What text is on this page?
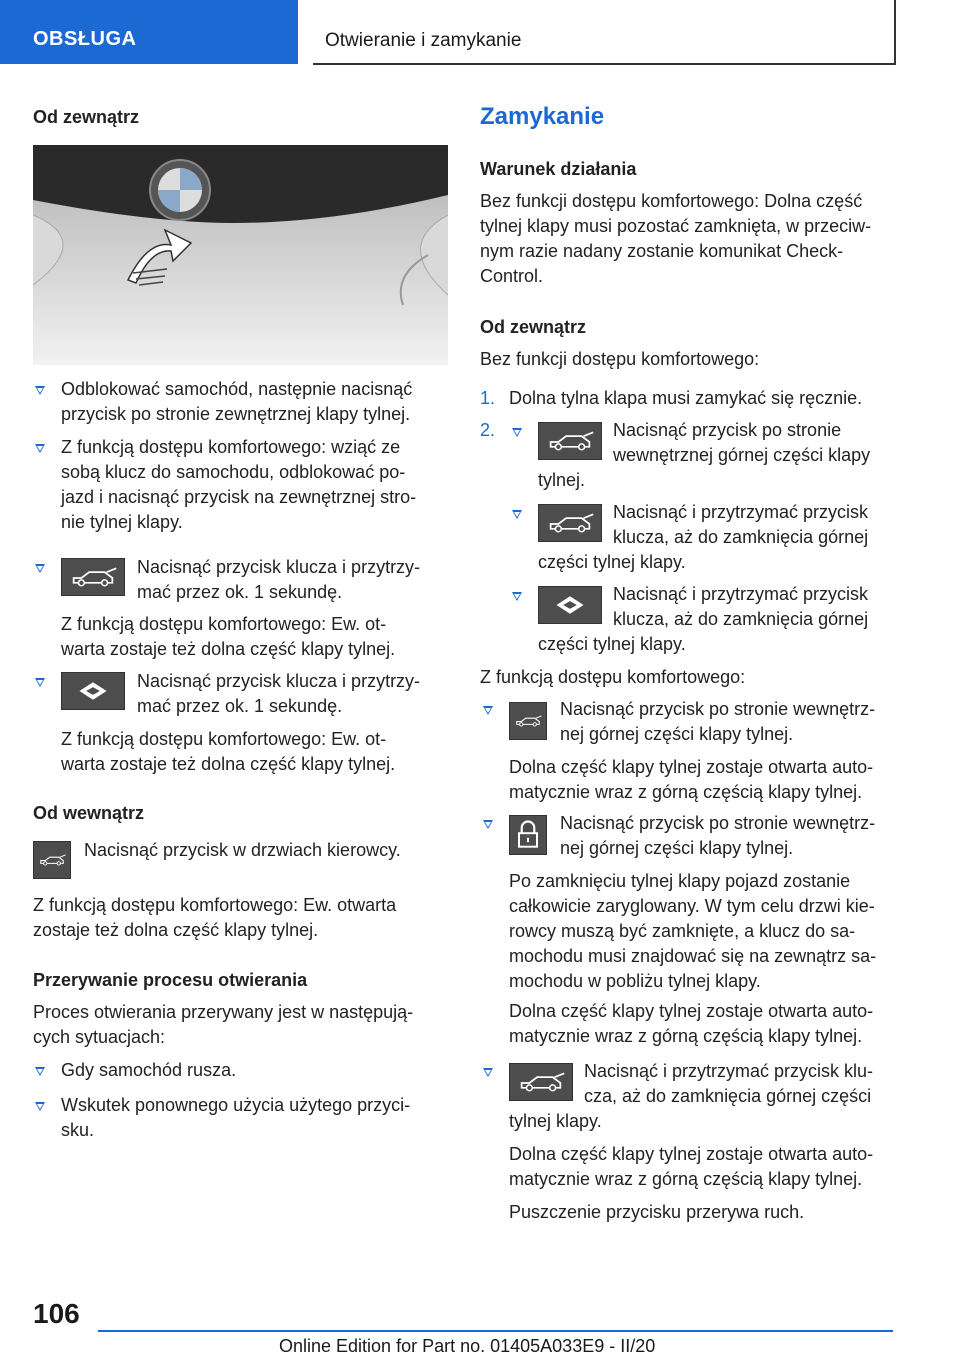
OBSŁUGA	Otwieranie i zamykanie
Od zewnątrz
Odblokować samochód, następnie nacisnąć
przycisk po stronie zewnętrznej klapy tylnej.
Z funkcją dostępu komfortowego: wziąć ze
sobą klucz do samochodu, odblokować po-
jazd i nacisnąć przycisk na zewnętrznej stro-
nie tylnej klapy.
Nacisnąć przycisk klucza i przytrzy-
mać przez ok. 1 sekundę.
Z funkcją dostępu komfortowego: Ew. ot-
warta zostaje też dolna część klapy tylnej.
Nacisnąć przycisk klucza i przytrzy-
mać przez ok. 1 sekundę.
Z funkcją dostępu komfortowego: Ew. ot-
warta zostaje też dolna część klapy tylnej.
Od wewnątrz
Nacisnąć przycisk w drzwiach kierowcy.
Z funkcją dostępu komfortowego: Ew. otwarta
zostaje też dolna część klapy tylnej.
Przerywanie procesu otwierania
Proces otwierania przerywany jest w następują-
cych sytuacjach:
Gdy samochód rusza.
Wskutek ponownego użycia użytego przyci-
sku.
Zamykanie
Warunek działania
Bez funkcji dostępu komfortowego: Dolna część
tylnej klapy musi pozostać zamknięta, w przeciw-
nym razie nadany zostanie komunikat Check-
Control.
Od zewnątrz
Bez funkcji dostępu komfortowego:
1. Dolna tylna klapa musi zamykać się ręcznie.
2.	Nacisnąć przycisk po stronie
wewnętrznej górnej części klapy
tylnej.
Nacisnąć i przytrzymać przycisk
klucza, aż do zamknięcia górnej
części tylnej klapy.
Nacisnąć i przytrzymać przycisk
klucza, aż do zamknięcia górnej
części tylnej klapy.
Z funkcją dostępu komfortowego:
Nacisnąć przycisk po stronie wewnętrz-
nej górnej części klapy tylnej.
Dolna część klapy tylnej zostaje otwarta auto-
matycznie wraz z górną częścią klapy tylnej.
Nacisnąć przycisk po stronie wewnętrz-
nej górnej części klapy tylnej.
Po zamknięciu tylnej klapy pojazd zostanie
całkowicie zaryglowany. W tym celu drzwi kie-
rowcy muszą być zamknięte, a klucz do sa-
mochodu musi znajdować się na zewnątrz sa-
mochodu w pobliżu tylnej klapy.
Dolna część klapy tylnej zostaje otwarta auto-
matycznie wraz z górną częścią klapy tylnej.
Nacisnąć i przytrzymać przycisk klu-
cza, aż do zamknięcia górnej części
tylnej klapy.
Dolna część klapy tylnej zostaje otwarta auto-
matycznie wraz z górną częścią klapy tylnej.
Puszczenie przycisku przerywa ruch.
106
Online Edition for Part no. 01405A033E9 - II/20
